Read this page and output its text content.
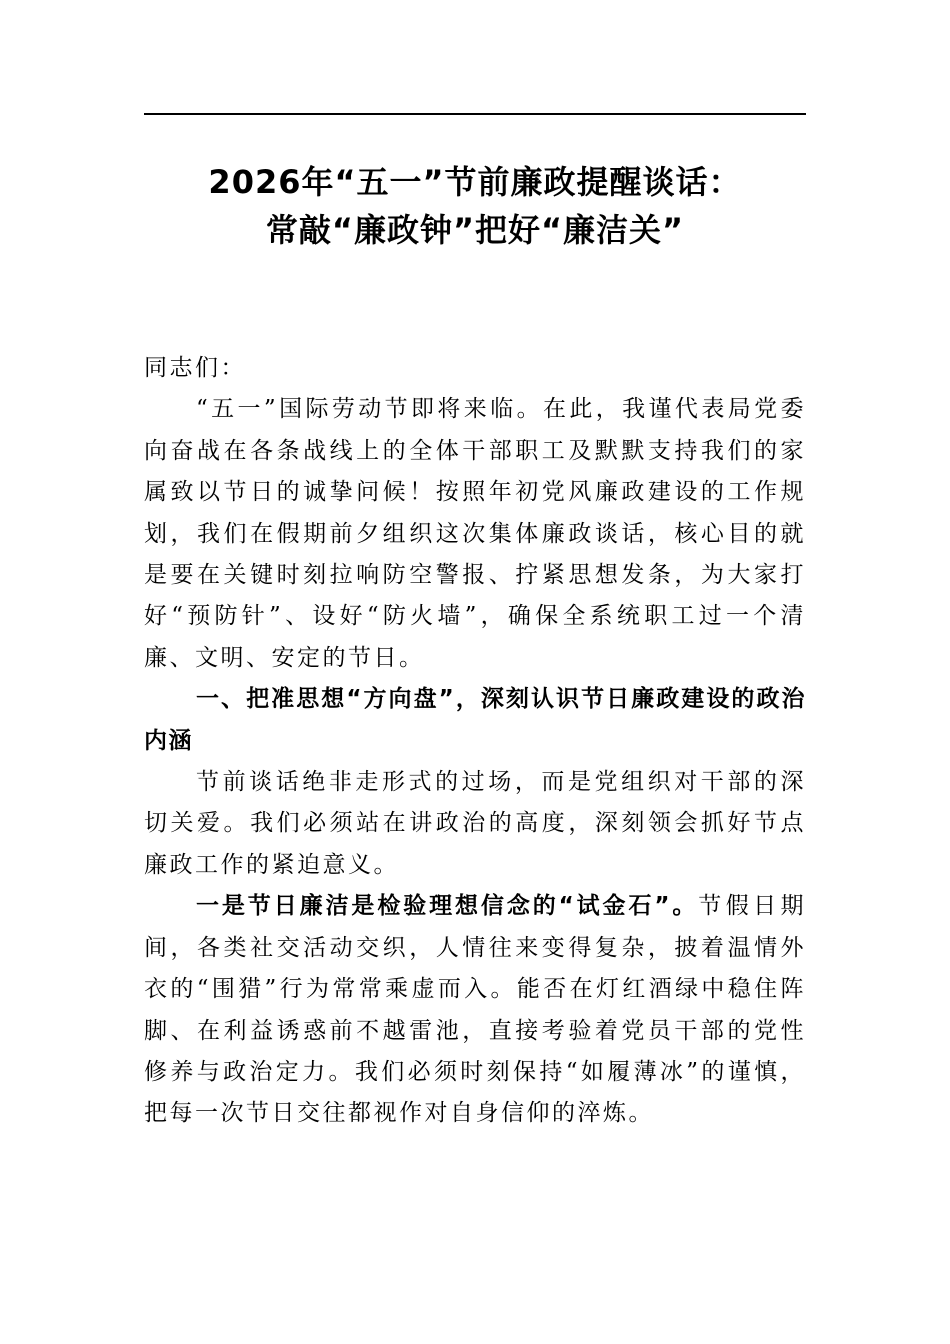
2026年“五一”节前廉政提醒谈话：
常敲“廉政钟”把好“廉洁关”

同志们：

“五一”国际劳动节即将来临。在此，我谨代表局党委向奋战在各条战线上的全体干部职工及默默支持我们的家属致以节日的诚挚问候！按照年初党风廉政建设的工作规划，我们在假期前夕组织这次集体廉政谈话，核心目的就是要在关键时刻拉响防空警报、拧紧思想发条，为大家打好“预防针”、设好“防火墙”，确保全系统职工过一个清廉、文明、安定的节日。

一、把准思想“方向盘”，深刻认识节日廉政建设的政治内涵

节前谈话绝非走形式的过场，而是党组织对干部的深切关爱。我们必须站在讲政治的高度，深刻领会抓好节点廉政工作的紧迫意义。

一是节日廉洁是检验理想信念的“试金石”。节假日期间，各类社交活动交织，人情往来变得复杂，披着温情外衣的“围猎”行为常常乘虚而入。能否在灯红酒绿中稳住阵脚、在利益诱惑前不越雷池，直接考验着党员干部的党性修养与政治定力。我们必须时刻保持“如履薄冰”的谨慎，把每一次节日交往都视作对自身信仰的淬炼。
